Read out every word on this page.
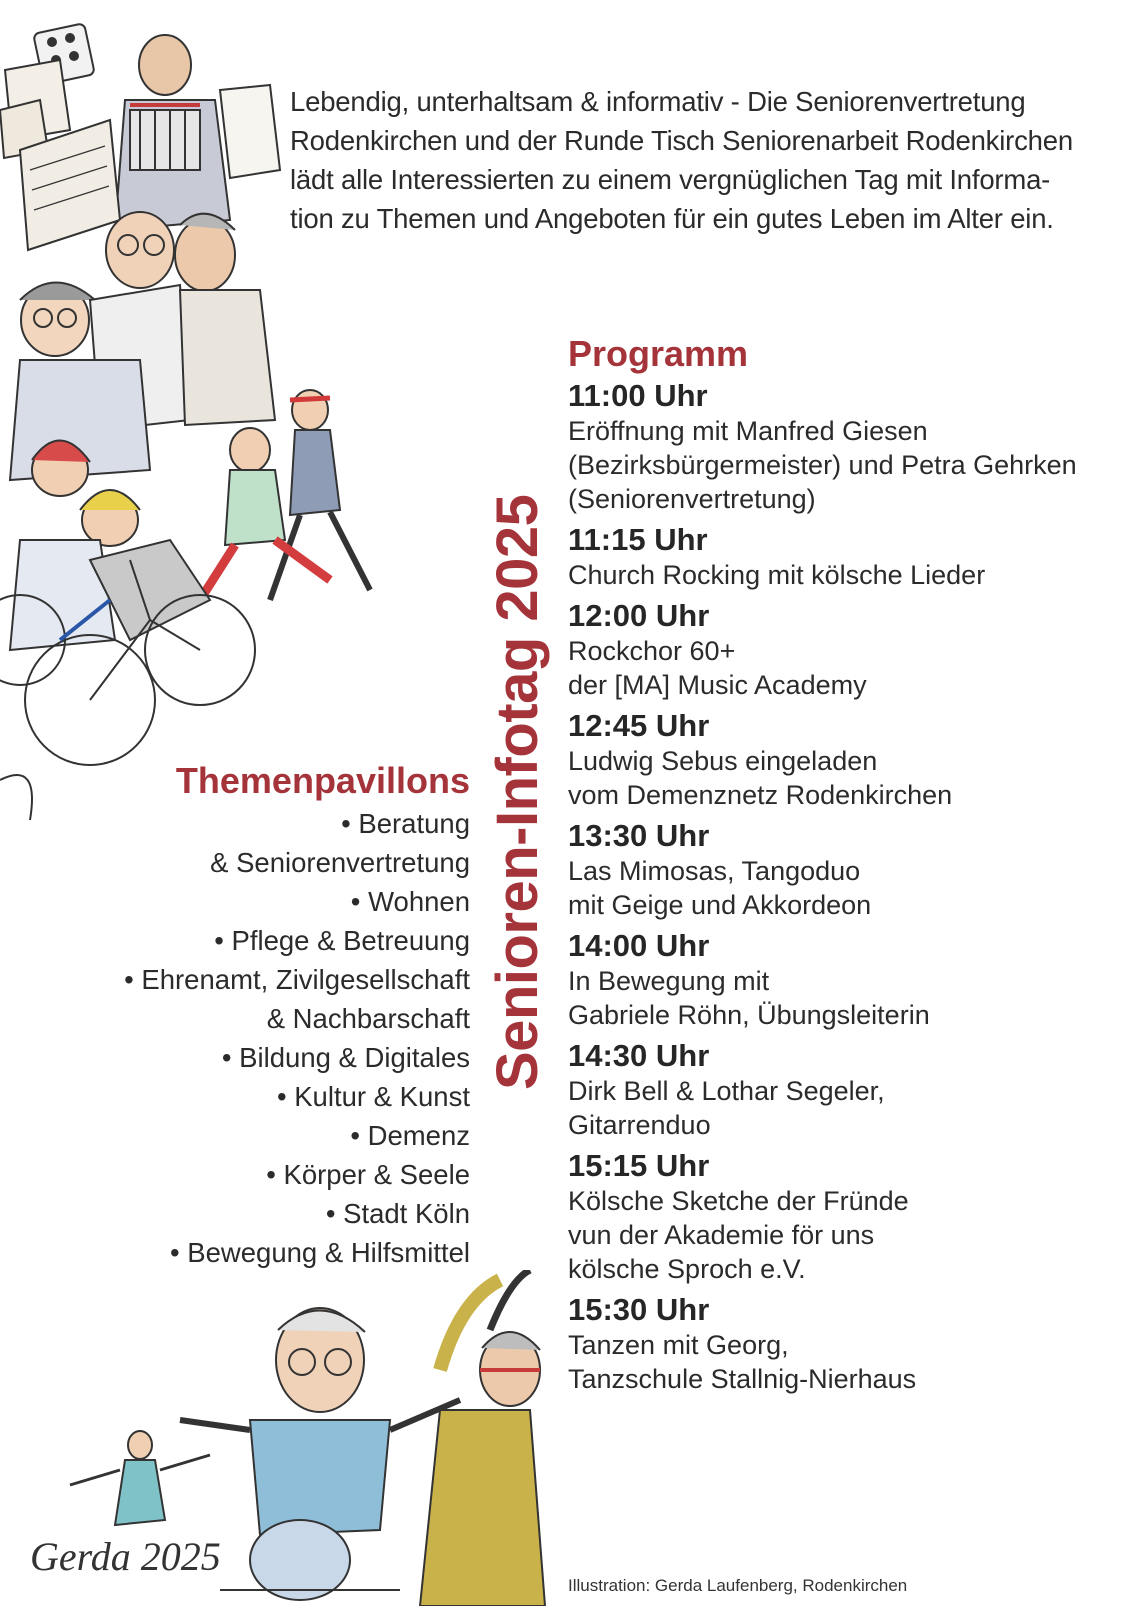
Gerda 2025
Lebendig, unterhaltsam & informativ - Die Seniorenvertretung
Rodenkirchen und der Runde Tisch Seniorenarbeit Rodenkirchen
lädt alle Interessierten zu einem vergnüglichen Tag mit Informa-
tion zu Themen und Angeboten für ein gutes Leben im Alter ein.
Senioren-Infotag 2025
Programm
11:00 Uhr
Eröffnung mit Manfred Giesen
(Bezirksbürgermeister) und Petra Gehrken
(Seniorenvertretung)
11:15 Uhr
Church Rocking mit kölsche Lieder
12:00 Uhr
Rockchor 60+
der [MA] Music Academy
12:45 Uhr
Ludwig Sebus eingeladen
vom Demenznetz Rodenkirchen
13:30 Uhr
Las Mimosas, Tangoduo
mit Geige und Akkordeon
14:00 Uhr
In Bewegung mit
Gabriele Röhn, Übungsleiterin
14:30 Uhr
Dirk Bell & Lothar Segeler,
Gitarrenduo
15:15 Uhr
Kölsche Sketche der Fründe
vun der Akademie för uns
kölsche Sproch e.V.
15:30 Uhr
Tanzen mit Georg,
Tanzschule Stallnig-Nierhaus
Themenpavillons
• Beratung
& Seniorenvertretung
• Wohnen
• Pflege & Betreuung
• Ehrenamt, Zivilgesellschaft
& Nachbarschaft
• Bildung & Digitales
• Kultur & Kunst
• Demenz
• Körper & Seele
• Stadt Köln
• Bewegung & Hilfsmittel
Illustration: Gerda Laufenberg, Rodenkirchen
